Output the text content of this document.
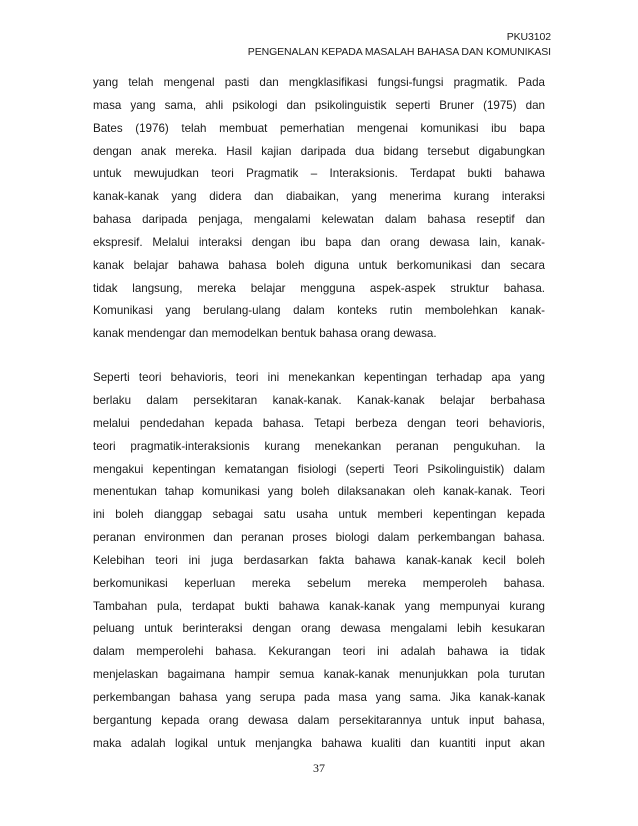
PKU3102
PENGENALAN KEPADA MASALAH BAHASA DAN KOMUNIKASI

yang telah mengenal pasti dan mengklasifikasi fungsi-fungsi pragmatik. Pada

masa yang sama, ahli psikologi dan psikolinguistik seperti Bruner (1975) dan

Bates (1976) telah membuat pemerhatian mengenai komunikasi ibu bapa

dengan anak mereka. Hasil kajian daripada dua bidang tersebut digabungkan

untuk mewujudkan teori Pragmatik – Interaksionis. Terdapat bukti bahawa

kanak-kanak yang didera dan diabaikan, yang menerima kurang interaksi

bahasa daripada penjaga, mengalami kelewatan dalam bahasa reseptif dan

ekspresif. Melalui interaksi dengan ibu bapa dan orang dewasa lain, kanak-

kanak belajar bahawa bahasa boleh diguna untuk berkomunikasi dan secara

tidak langsung, mereka belajar mengguna aspek-aspek struktur bahasa.

Komunikasi yang berulang-ulang dalam konteks rutin membolehkan kanak-

kanak mendengar dan memodelkan bentuk bahasa orang dewasa.

Seperti teori behavioris, teori ini menekankan kepentingan terhadap apa yang

berlaku dalam persekitaran kanak-kanak. Kanak-kanak belajar berbahasa

melalui pendedahan kepada bahasa. Tetapi berbeza dengan teori behavioris,

teori pragmatik-interaksionis kurang menekankan peranan pengukuhan. Ia

mengakui kepentingan kematangan fisiologi (seperti Teori Psikolinguistik) dalam

menentukan tahap komunikasi yang boleh dilaksanakan oleh kanak-kanak. Teori

ini boleh dianggap sebagai satu usaha untuk memberi kepentingan kepada

peranan environmen dan peranan proses biologi dalam perkembangan bahasa.

Kelebihan teori ini juga berdasarkan fakta bahawa kanak-kanak kecil boleh

berkomunikasi keperluan mereka sebelum mereka memperoleh bahasa.

Tambahan pula, terdapat bukti bahawa kanak-kanak yang mempunyai kurang

peluang untuk berinteraksi dengan orang dewasa mengalami lebih kesukaran

dalam memperolehi bahasa. Kekurangan teori ini adalah bahawa ia tidak

menjelaskan bagaimana hampir semua kanak-kanak menunjukkan pola turutan

perkembangan bahasa yang serupa pada masa yang sama. Jika kanak-kanak

bergantung kepada orang dewasa dalam persekitarannya untuk input bahasa,

maka adalah logikal untuk menjangka bahawa kualiti dan kuantiti input akan

37
